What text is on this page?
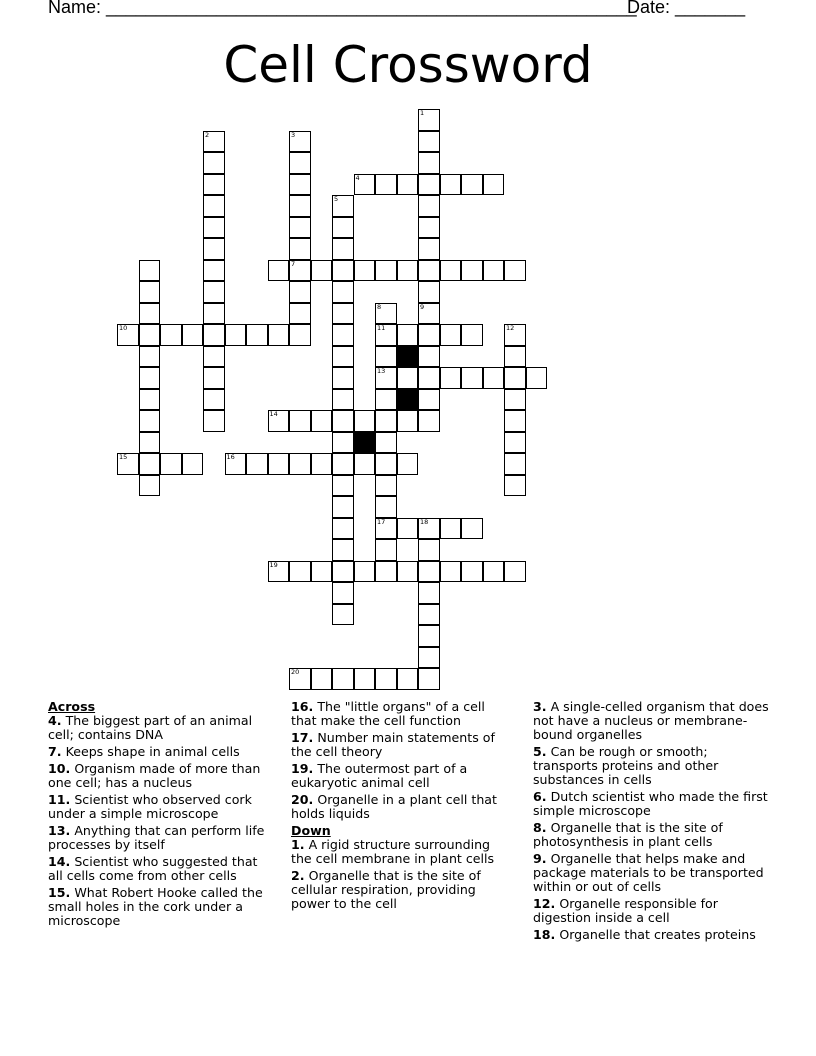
Name: _____________________________________________________
Date: _______
Cell Crossword
1
2	3
7
4
5
8
11
13
17
9
10	12
14
15	16
18
19
20
Across
4. The biggest part of an animal cell; contains DNA
7. Keeps shape in animal cells
10. Organism made of more than one cell; has a nucleus
11. Scientist who observed cork under a simple microscope
13. Anything that can perform life processes by itself
14. Scientist who suggested that all cells come from other cells
15. What Robert Hooke called the small holes in the cork under a microscope
16. The "little organs" of a cell that make the cell function
17. Number main statements of the cell theory
19. The outermost part of a eukaryotic animal cell
20. Organelle in a plant cell that holds liquids
Down
1. A rigid structure surrounding the cell membrane in plant cells
2. Organelle that is the site of cellular respiration, providing power to the cell
3. A single-celled organism that does not have a nucleus or membrane-bound organelles
5. Can be rough or smooth; transports proteins and other substances in cells
6. Dutch scientist who made the first simple microscope
8. Organelle that is the site of photosynthesis in plant cells
9. Organelle that helps make and package materials to be transported within or out of cells
12. Organelle responsible for digestion inside a cell
18. Organelle that creates proteins
